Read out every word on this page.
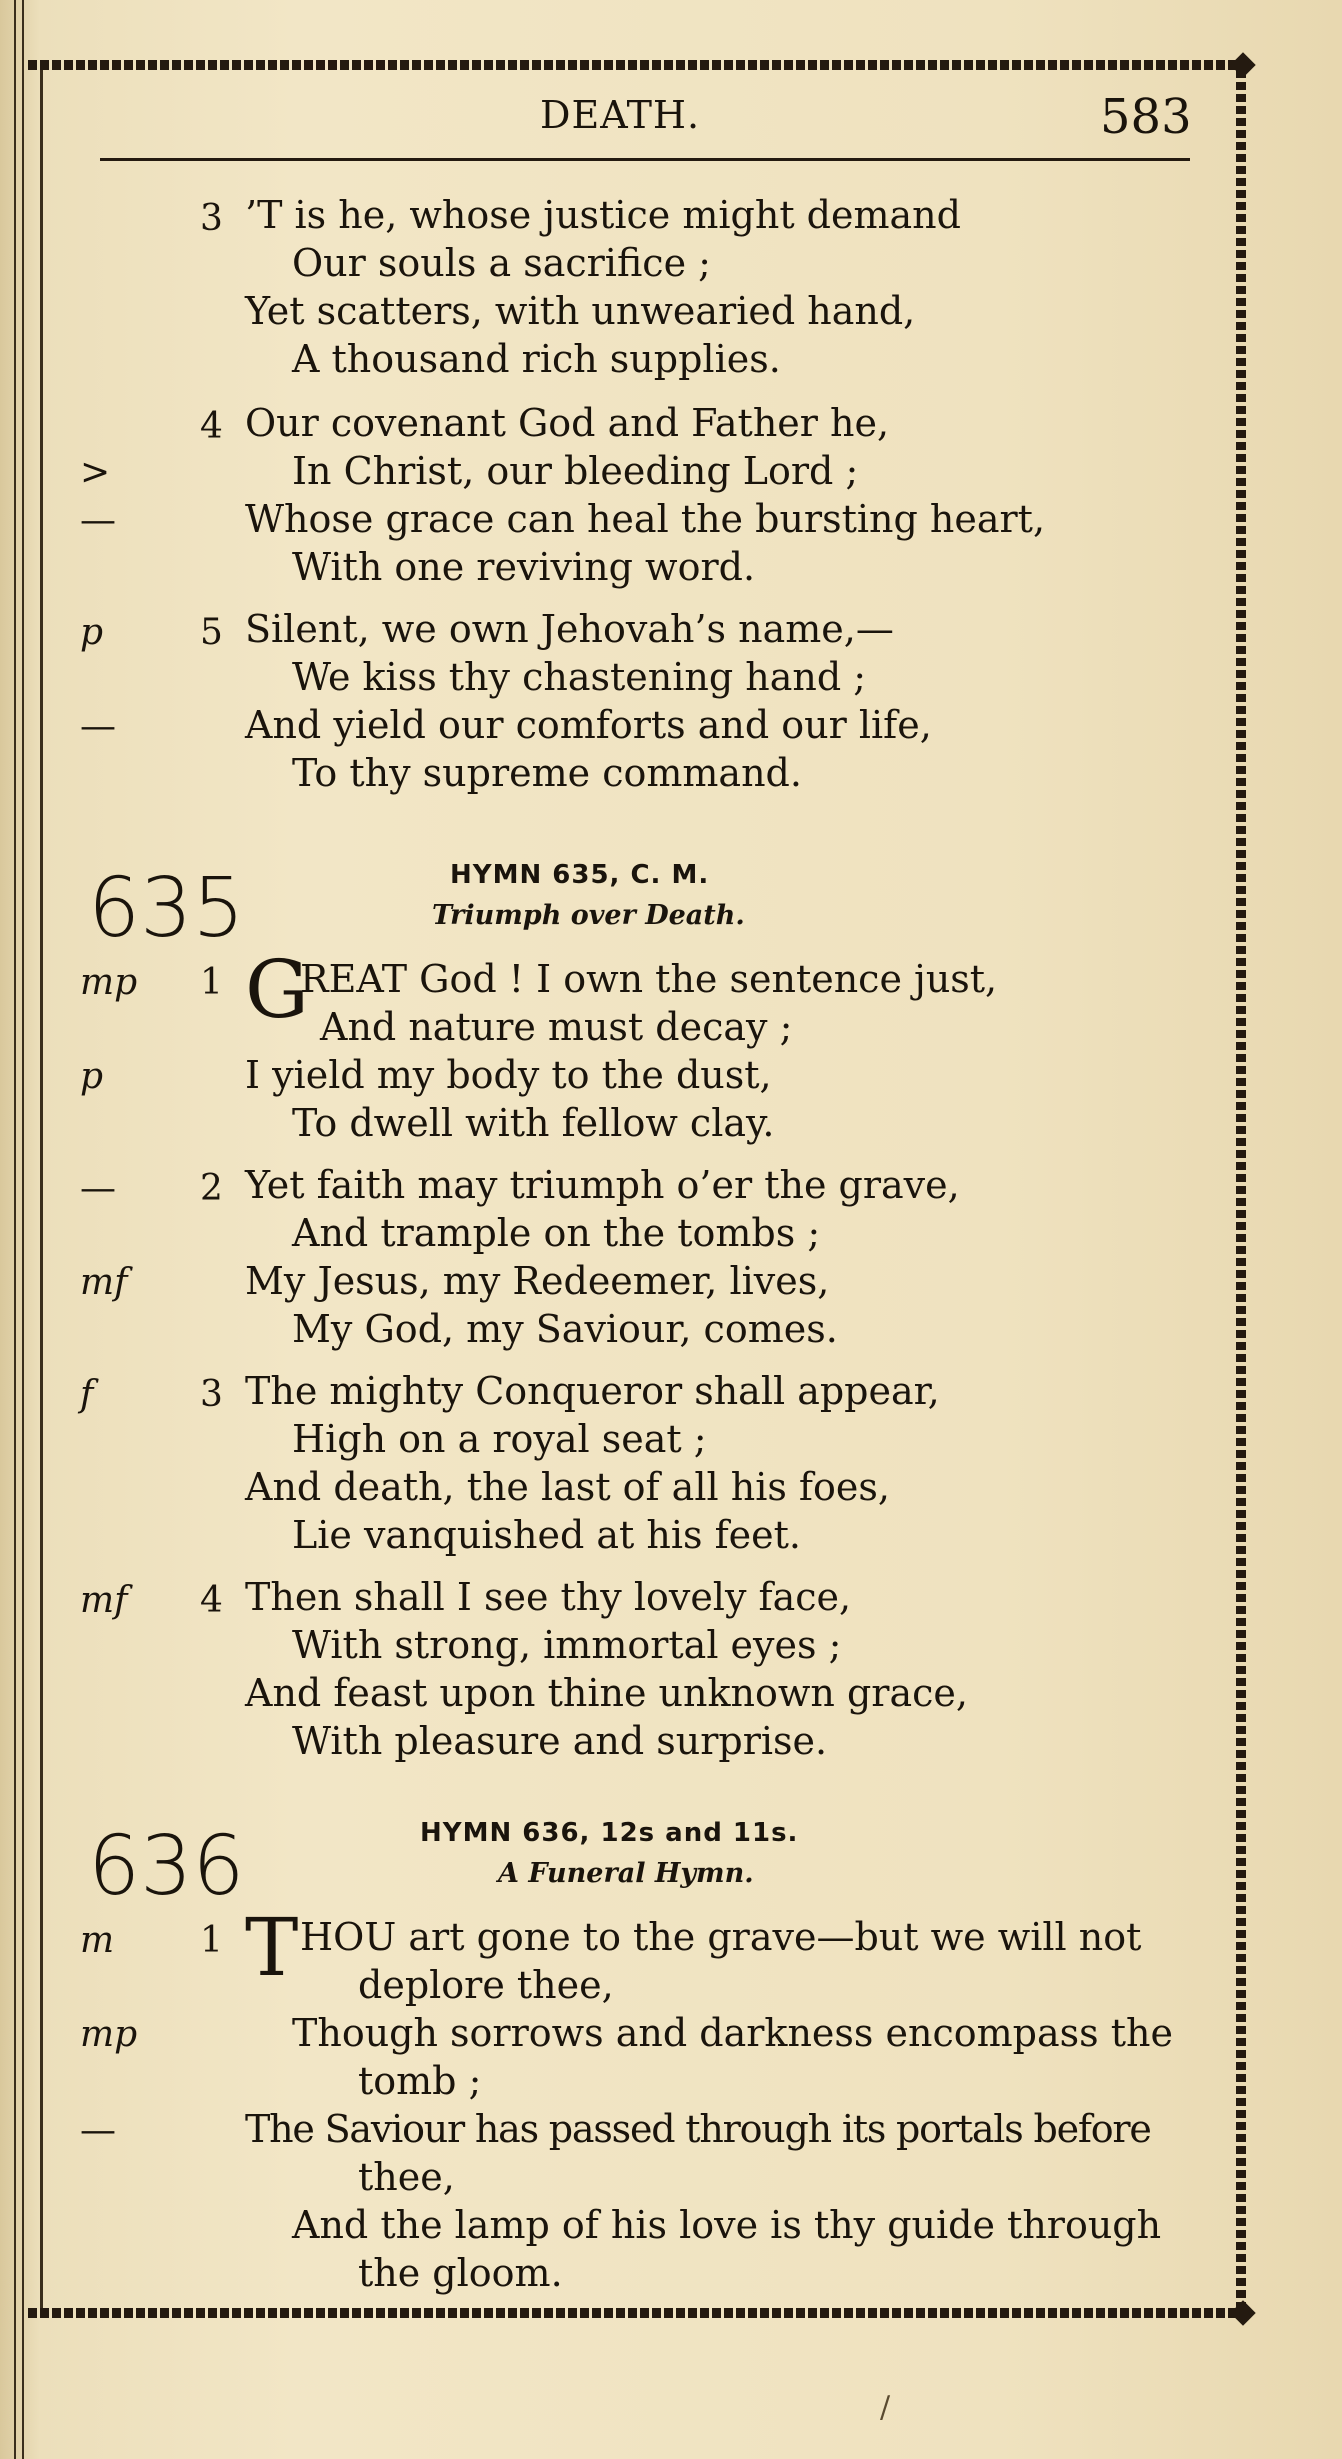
DEATH.	583
3 ’T is he, whose justice might demand
Our souls a sacrifice ;
Yet scatters, with unwearied hand,
A thousand rich supplies.
4 Our covenant God and Father he,
>	In Christ, our bleeding Lord ;
—	Whose grace can heal the bursting heart,
With one reviving word.
p	5 Silent, we own Jehovah’s name,—
We kiss thy chastening hand ;
—	And yield our comforts and our life,
To thy supreme command.
635	HYMN 635, C. M.
Triumph over Death.
mp 1 G
REAT God ! I own the sentence just,
And nature must decay ;
p	I yield my body to the dust,
To dwell with fellow clay.
— 2 Yet faith may triumph o’er the grave,
And trample on the tombs ;
mf	My Jesus, my Redeemer, lives,
My God, my Saviour, comes.
f	3 The mighty Conqueror shall appear,
High on a royal seat ;
And death, the last of all his foes,
Lie vanquished at his feet.
mf 4 Then shall I see thy lovely face,
With strong, immortal eyes ;
And feast upon thine unknown grace,
With pleasure and surprise.
636	HYMN 636, 12s and 11s.
A Funeral Hymn.
m 1 T HOU art gone to the grave—but we will not
deplore thee,
mp	Though sorrows and darkness encompass the
tomb ;
—	The Saviour has passed through its portals before
thee,
And the lamp of his love is thy guide through
the gloom.
/
